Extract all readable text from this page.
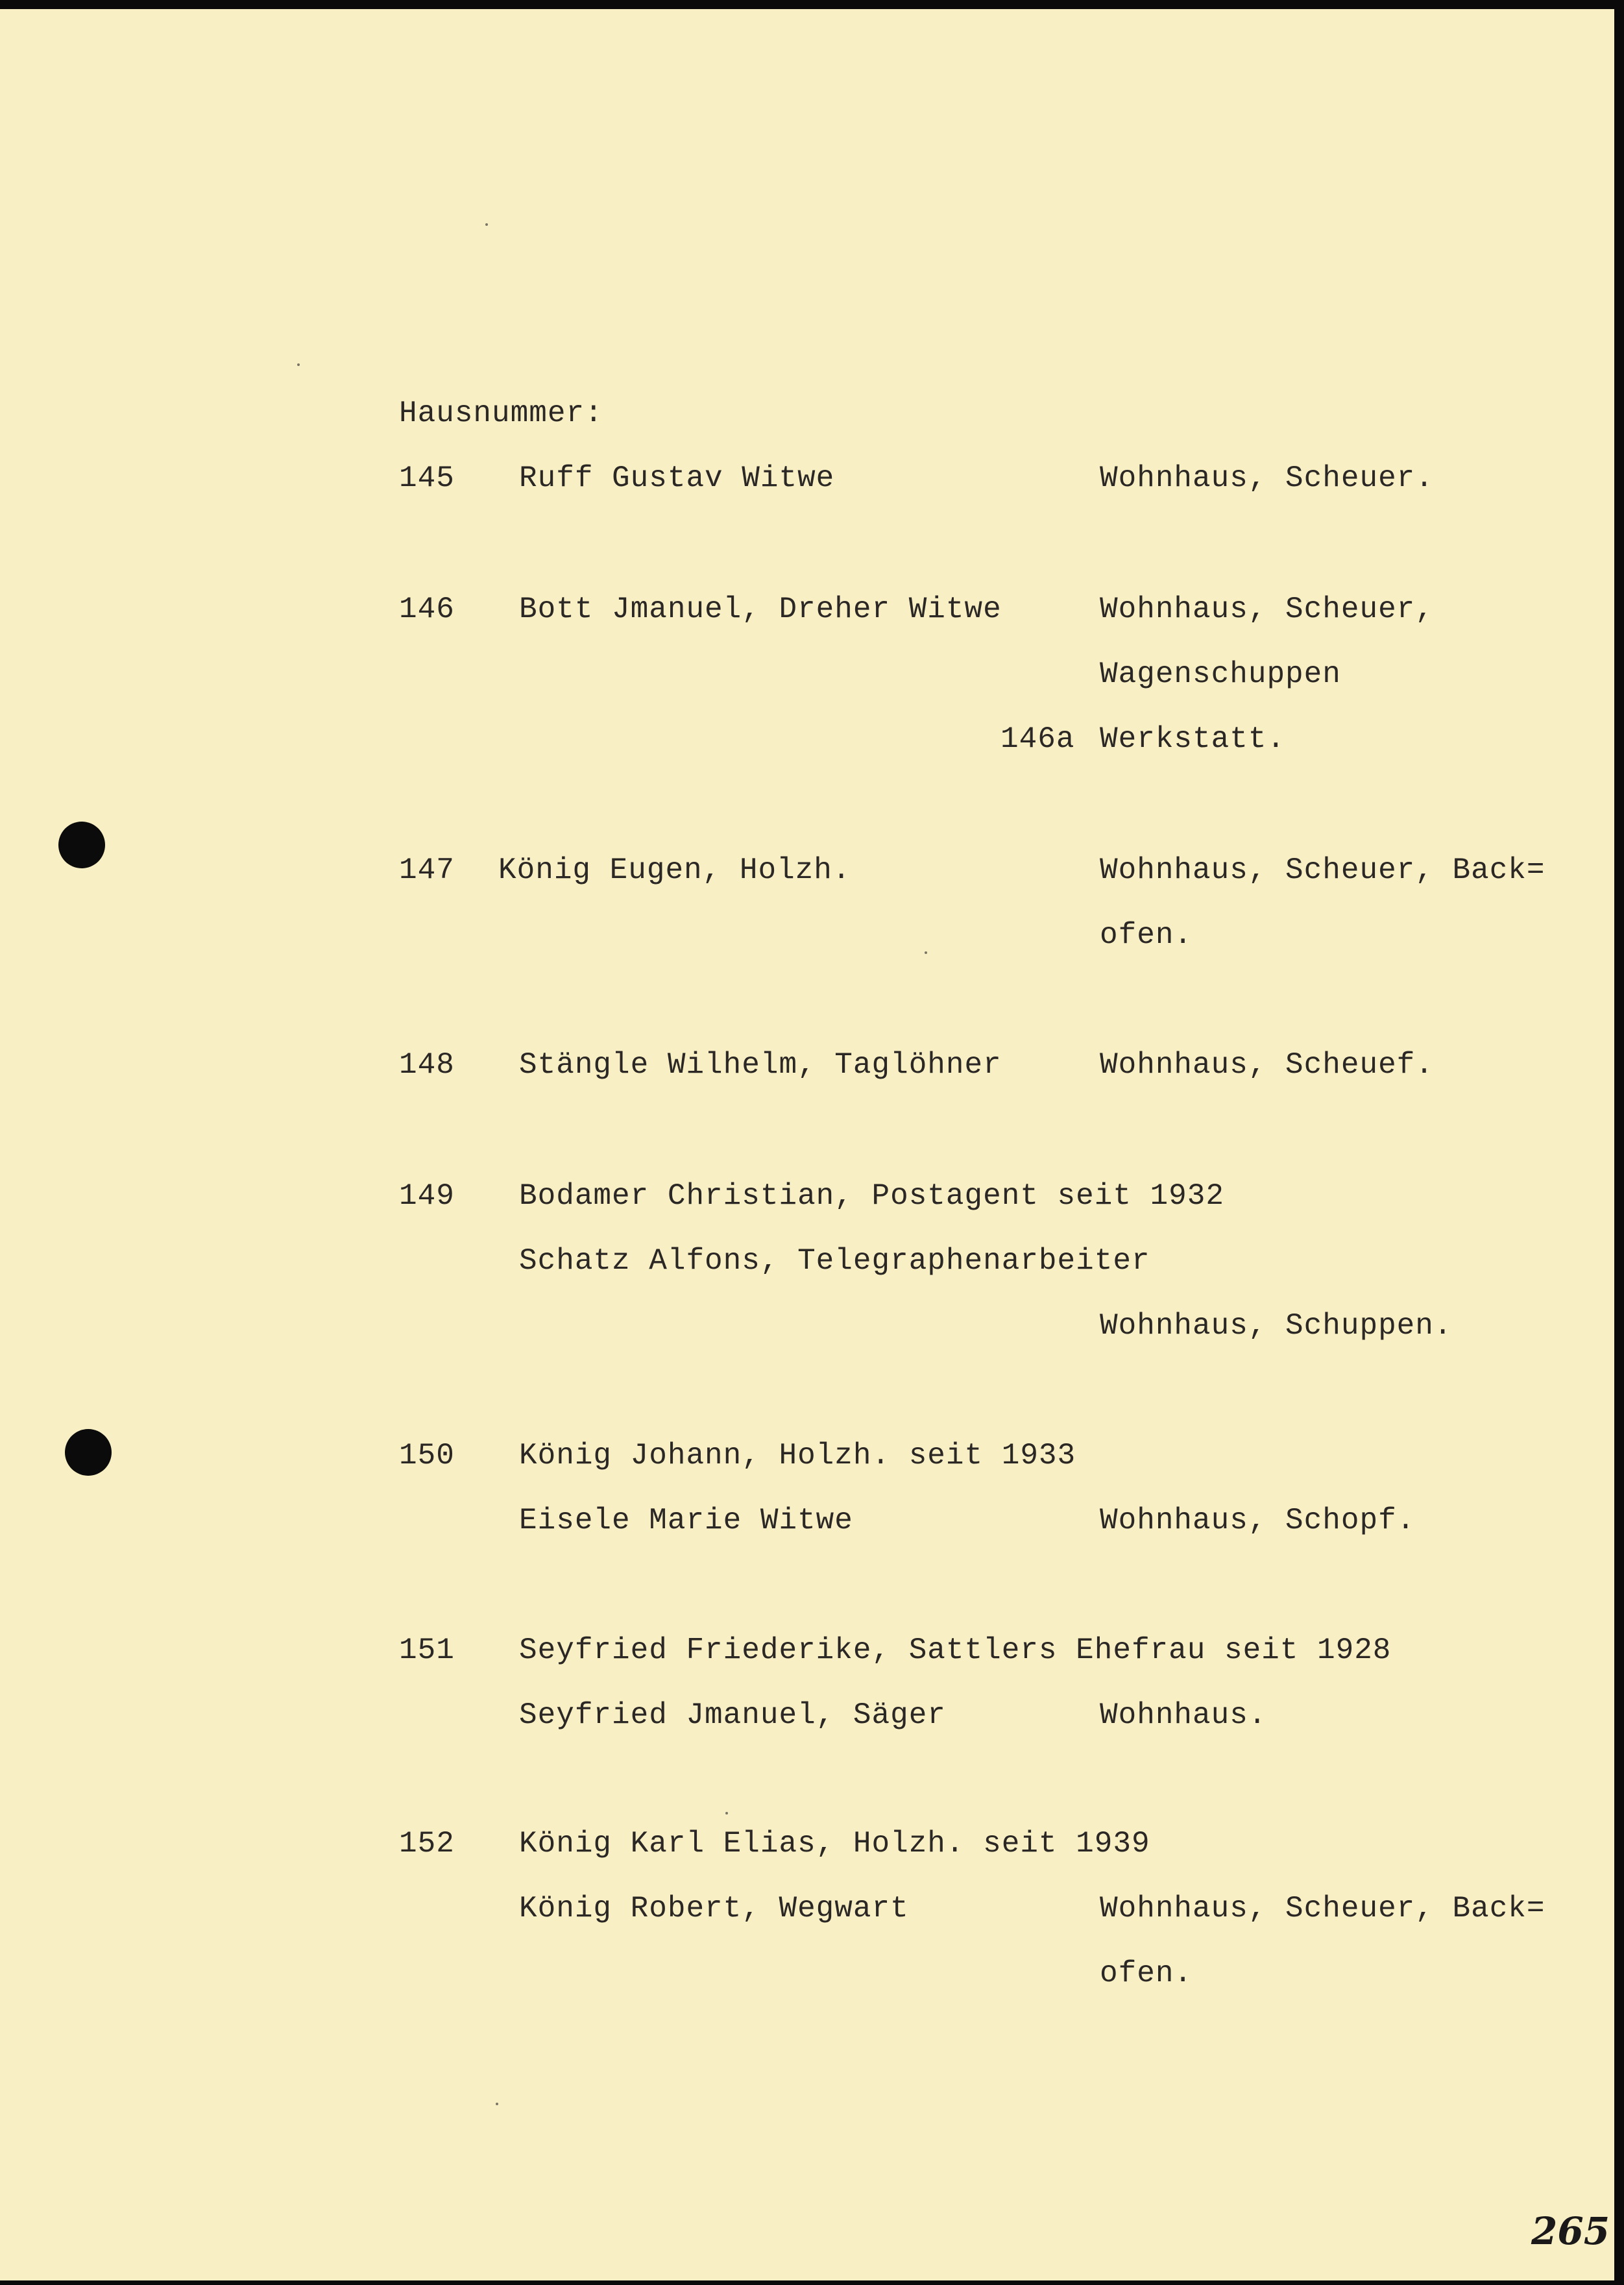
Hausnummer:
145 Ruff Gustav Witwe	Wohnhaus, Scheuer.
146 Bott Jmanuel, Dreher Witwe	Wohnhaus, Scheuer,
Wagenschuppen
146a Werkstatt.
147 König Eugen, Holzh.	Wohnhaus, Scheuer, Back=
ofen.
148 Stängle Wilhelm, Taglöhner	Wohnhaus, Scheuef.
149 Bodamer Christian, Postagent seit 1932
Schatz Alfons, Telegraphenarbeiter
Wohnhaus, Schuppen.
150 König Johann, Holzh. seit 1933
Eisele Marie Witwe	Wohnhaus, Schopf.
151 Seyfried Friederike, Sattlers Ehefrau seit 1928
Seyfried Jmanuel, Säger	Wohnhaus.
152 König Karl Elias, Holzh. seit 1939
König Robert, Wegwart	Wohnhaus, Scheuer, Back=
ofen.
265
